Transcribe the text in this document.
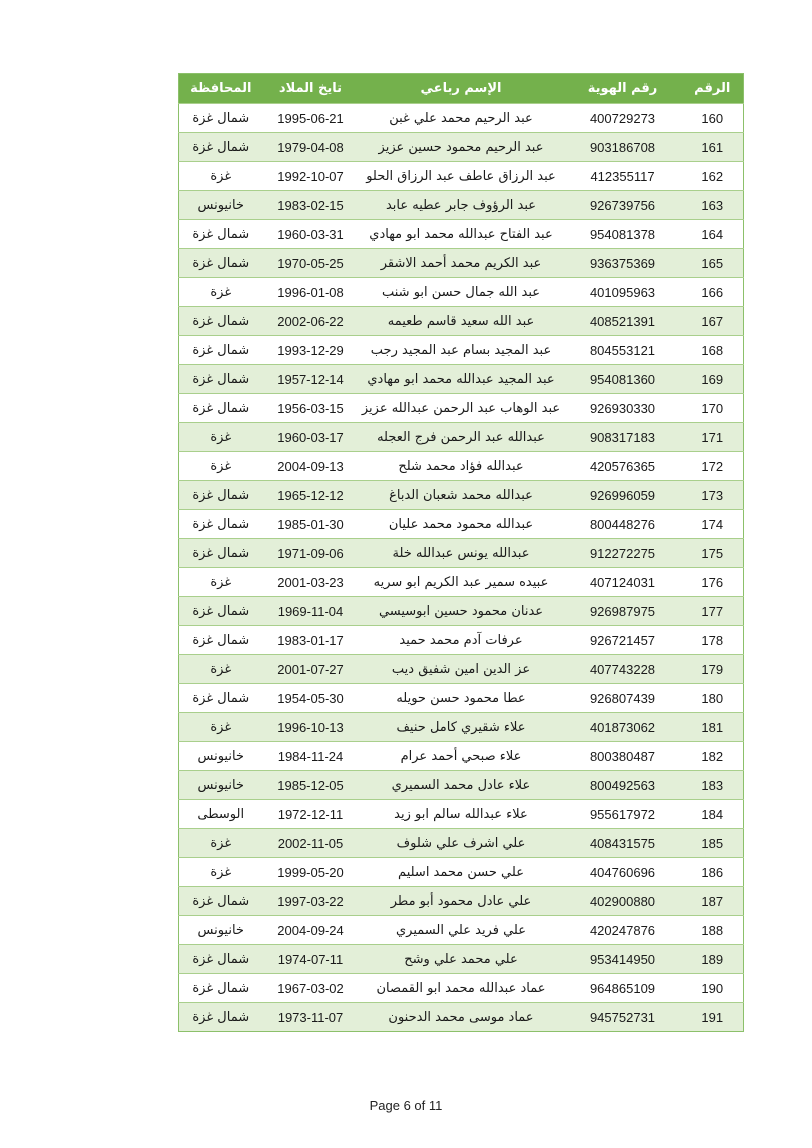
الرقم	رقم الهوية	الإسم رباعي	تايخ الملاد	المحافظة
160	400729273	عبد الرحيم محمد علي غبن	1995-06-21	شمال غزة
161	903186708	عبد الرحيم محمود حسين عزيز	1979-04-08	شمال غزة
162	412355117	عبد الرزاق عاطف عبد الرزاق الحلو	1992-10-07	غزة
163	926739756	عبد الرؤوف جابر عطيه عابد	1983-02-15	خانيونس
164	954081378	عبد الفتاح عبدالله محمد ابو مهادي	1960-03-31	شمال غزة
165	936375369	عبد الكريم محمد أحمد الاشقر	1970-05-25	شمال غزة
166	401095963	عبد الله جمال حسن ابو شنب	1996-01-08	غزة
167	408521391	عبد الله سعيد قاسم طعيمه	2002-06-22	شمال غزة
168	804553121	عبد المجيد بسام عبد المجيد رجب	1993-12-29	شمال غزة
169	954081360	عبد المجيد عبدالله محمد ابو مهادي	1957-12-14	شمال غزة
170	926930330	عبد الوهاب عبد الرحمن عبدالله عزيز	1956-03-15	شمال غزة
171	908317183	عبدالله عبد الرحمن فرج العجله	1960-03-17	غزة
172	420576365	عبدالله فؤاد محمد شلح	2004-09-13	غزة
173	926996059	عبدالله محمد شعبان الدباغ	1965-12-12	شمال غزة
174	800448276	عبدالله محمود محمد عليان	1985-01-30	شمال غزة
175	912272275	عبدالله يونس عبدالله خلة	1971-09-06	شمال غزة
176	407124031	عبيده سمير عبد الكريم ابو سريه	2001-03-23	غزة
177	926987975	عدنان محمود حسين ابوسيسي	1969-11-04	شمال غزة
178	926721457	عرفات آدم محمد حميد	1983-01-17	شمال غزة
179	407743228	عز الدين امين شفيق ديب	2001-07-27	غزة
180	926807439	عطا محمود حسن حويله	1954-05-30	شمال غزة
181	401873062	علاء شقيري كامل حنيف	1996-10-13	غزة
182	800380487	علاء صبحي أحمد عرام	1984-11-24	خانيونس
183	800492563	علاء عادل محمد السميري	1985-12-05	خانيونس
184	955617972	علاء عبدالله سالم ابو زيد	1972-12-11	الوسطى
185	408431575	علي اشرف علي شلوف	2002-11-05	غزة
186	404760696	علي حسن محمد اسليم	1999-05-20	غزة
187	402900880	علي عادل محمود أبو مطر	1997-03-22	شمال غزة
188	420247876	علي فريد علي السميري	2004-09-24	خانيونس
189	953414950	علي محمد علي وشح	1974-07-11	شمال غزة
190	964865109	عماد عبدالله محمد ابو القمصان	1967-03-02	شمال غزة
191	945752731	عماد موسى محمد الدحنون	1973-11-07	شمال غزة
Page 6 of 11
